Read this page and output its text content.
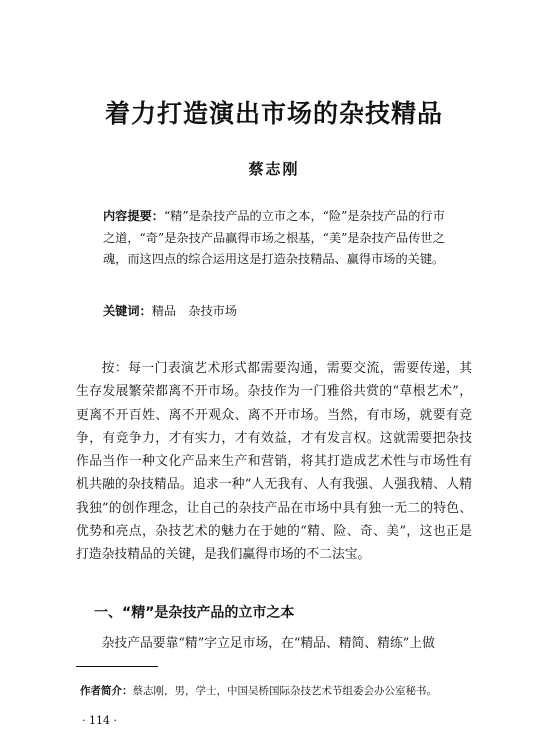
着力打造演出市场的杂技精品
蔡志刚
内容提要：“精”是杂技产品的立市之本，“险”是杂技产品的行市之道，“奇”是杂技产品赢得市场之根基，“美”是杂技产品传世之魂，而这四点的综合运用这是打造杂技精品、赢得市场的关键。
关键词：精品　杂技市场

按：每一门表演艺术形式都需要沟通，需要交流，需要传递，其生存发展繁荣都离不开市场。杂技作为一门雅俗共赏的“草根艺术”，更离不开百姓、离不开观众、离不开市场。当然，有市场，就要有竞争，有竞争力，才有实力，才有效益，才有发言权。这就需要把杂技作品当作一种文化产品来生产和营销，将其打造成艺术性与市场性有机共融的杂技精品。追求一种“人无我有、人有我强、人强我精、人精我独”的创作理念，让自己的杂技产品在市场中具有独一无二的特色、优势和亮点，杂技艺术的魅力在于她的“精、险、奇、美”，这也正是打造杂技精品的关键，是我们赢得市场的不二法宝。

一、“精”是杂技产品的立市之本

杂技产品要靠“精”字立足市场，在“精品、精简、精练”上做

作者简介：蔡志刚，男，学士，中国吴桥国际杂技艺术节组委会办公室秘书。
· 114 ·
